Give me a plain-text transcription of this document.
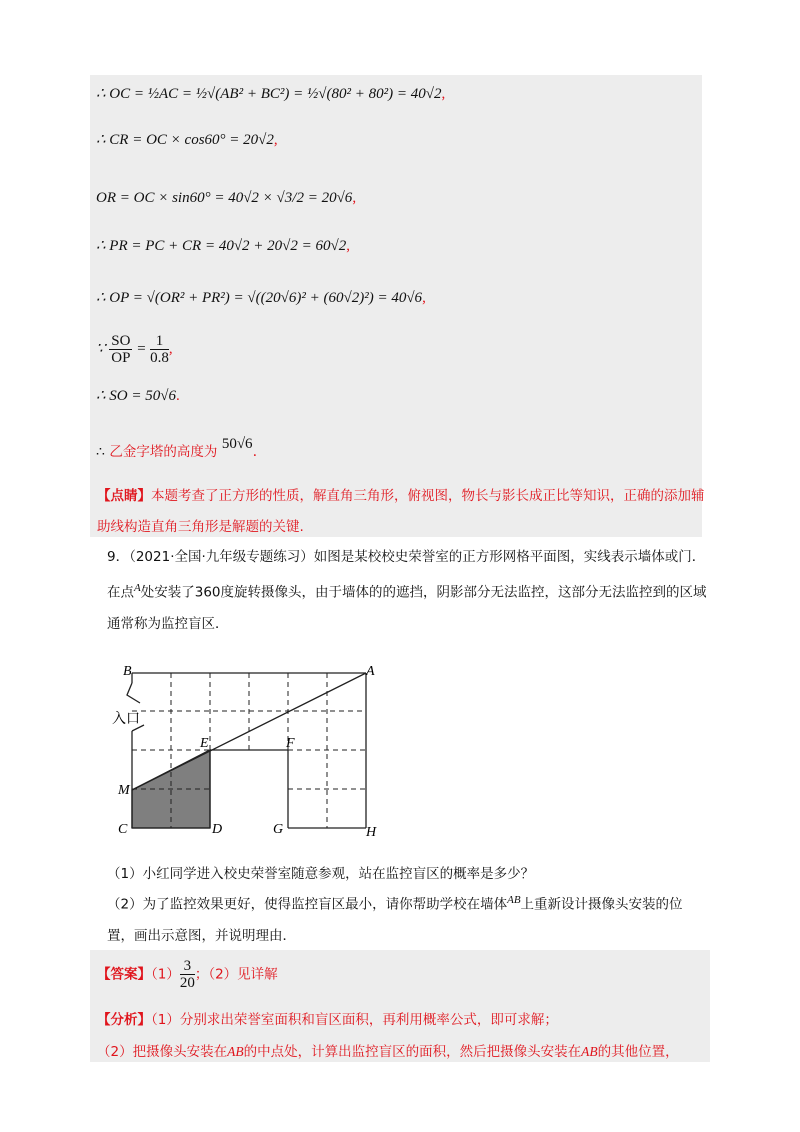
∴ OC = ½AC = ½√(AB² + BC²) = ½√(80² + 80²) = 40√2,
∴ CR = OC × cos60° = 20√2,
OR = OC × sin60° = 40√2 × √3/2 = 20√6,
∴ PR = PC + CR = 40√2 + 20√2 = 60√2,
∴ OP = √(OR² + PR²) = √((20√6)² + (60√2)²) = 40√6,
∵ $\frac{SO}{OP} = \frac{1}{0.8}$ ,
∴ SO = 50√6.
∴ 乙金字塔的高度为 50√6.
【点睛】本题考查了正方形的性质，解直角三角形，俯视图，物长与影长成正比等知识，正确的添加辅助线构造直角三角形是解题的关键.
9．（2021·全国·九年级专题练习）如图是某校校史荣誉室的正方形网格平面图，实线表示墙体或门．在点$^A$处安装了360度旋转摄像头，由于墙体的的遮挡，阴影部分无法监控，这部分无法监控到的区域通常称为监控盲区．
B	A
入口
E	F
M
C	D	G	H
（1）小红同学进入校史荣誉室随意参观，站在监控盲区的概率是多少？
（2）为了监控效果更好，使得监控盲区最小，请你帮助学校在墙体$^{AB}$上重新设计摄像头安装的位置，画出示意图，并说明理由．
【答案】$(1) \frac{3}{20}$ ；（2）见详解
【分析】（1）分别求出荣誉室面积和盲区面积，再利用概率公式，即可求解；
（2）把摄像头安装在AB的中点处，计算出监控盲区的面积，然后把摄像头安装在AB的其他位置，
